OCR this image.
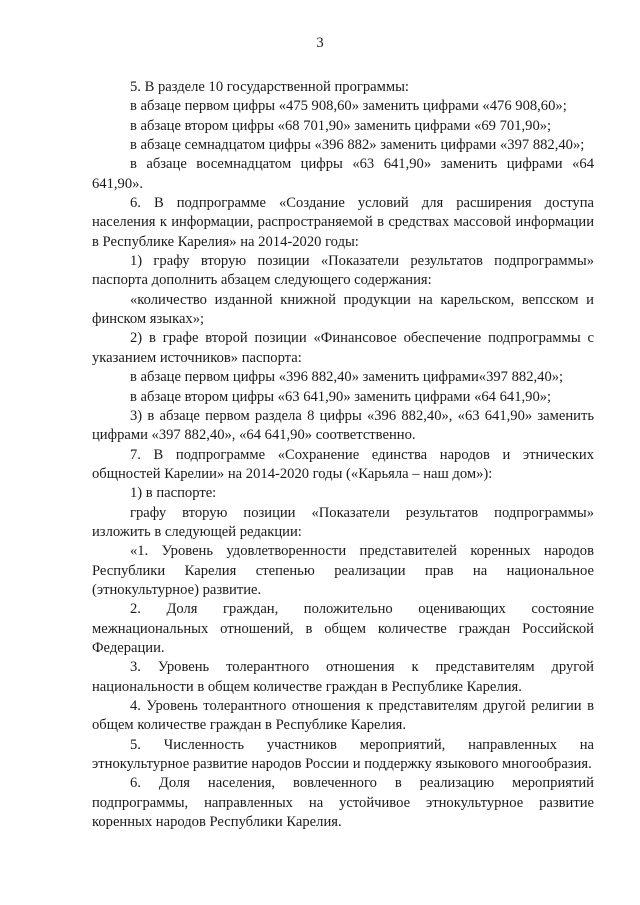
3

5. В разделе 10 государственной программы:

в абзаце первом цифры «475 908,60» заменить цифрами «476 908,60»;

в абзаце втором цифры «68 701,90» заменить цифрами «69 701,90»;

в абзаце семнадцатом цифры «396 882» заменить цифрами «397 882,40»;

в абзаце восемнадцатом цифры «63 641,90» заменить цифрами «64 641,90».

6. В подпрограмме «Создание условий для расширения доступа населения к информации, распространяемой в средствах массовой информации в Республике Карелия» на 2014-2020 годы:

1) графу вторую позиции «Показатели результатов подпрограммы» паспорта дополнить абзацем следующего содержания:

«количество изданной книжной продукции на карельском, вепсском и финском языках»;

2) в графе второй позиции «Финансовое обеспечение подпрограммы с указанием источников» паспорта:

в абзаце первом цифры «396 882,40» заменить цифрами«397 882,40»;

в абзаце втором цифры «63 641,90» заменить цифрами «64 641,90»;

3) в абзаце первом раздела 8 цифры «396 882,40», «63 641,90» заменить цифрами «397 882,40», «64 641,90» соответственно.

7. В подпрограмме «Сохранение единства народов и этнических общностей Карелии» на 2014-2020 годы («Карьяла – наш дом»):

1) в паспорте:

графу вторую позиции «Показатели результатов подпрограммы» изложить в следующей редакции:

«1. Уровень удовлетворенности представителей коренных народов Республики Карелия степенью реализации прав на национальное (этнокультурное) развитие.

2. Доля граждан, положительно оценивающих состояние межнациональных отношений, в общем количестве граждан Российской Федерации.

3. Уровень толерантного отношения к представителям другой национальности в общем количестве граждан в Республике Карелия.

4. Уровень толерантного отношения к представителям другой религии в общем количестве граждан в Республике Карелия.

5. Численность участников мероприятий, направленных на этнокультурное развитие народов России и поддержку языкового многообразия.

6. Доля населения, вовлеченного в реализацию мероприятий подпрограммы, направленных на устойчивое этнокультурное развитие коренных народов Республики Карелия.
